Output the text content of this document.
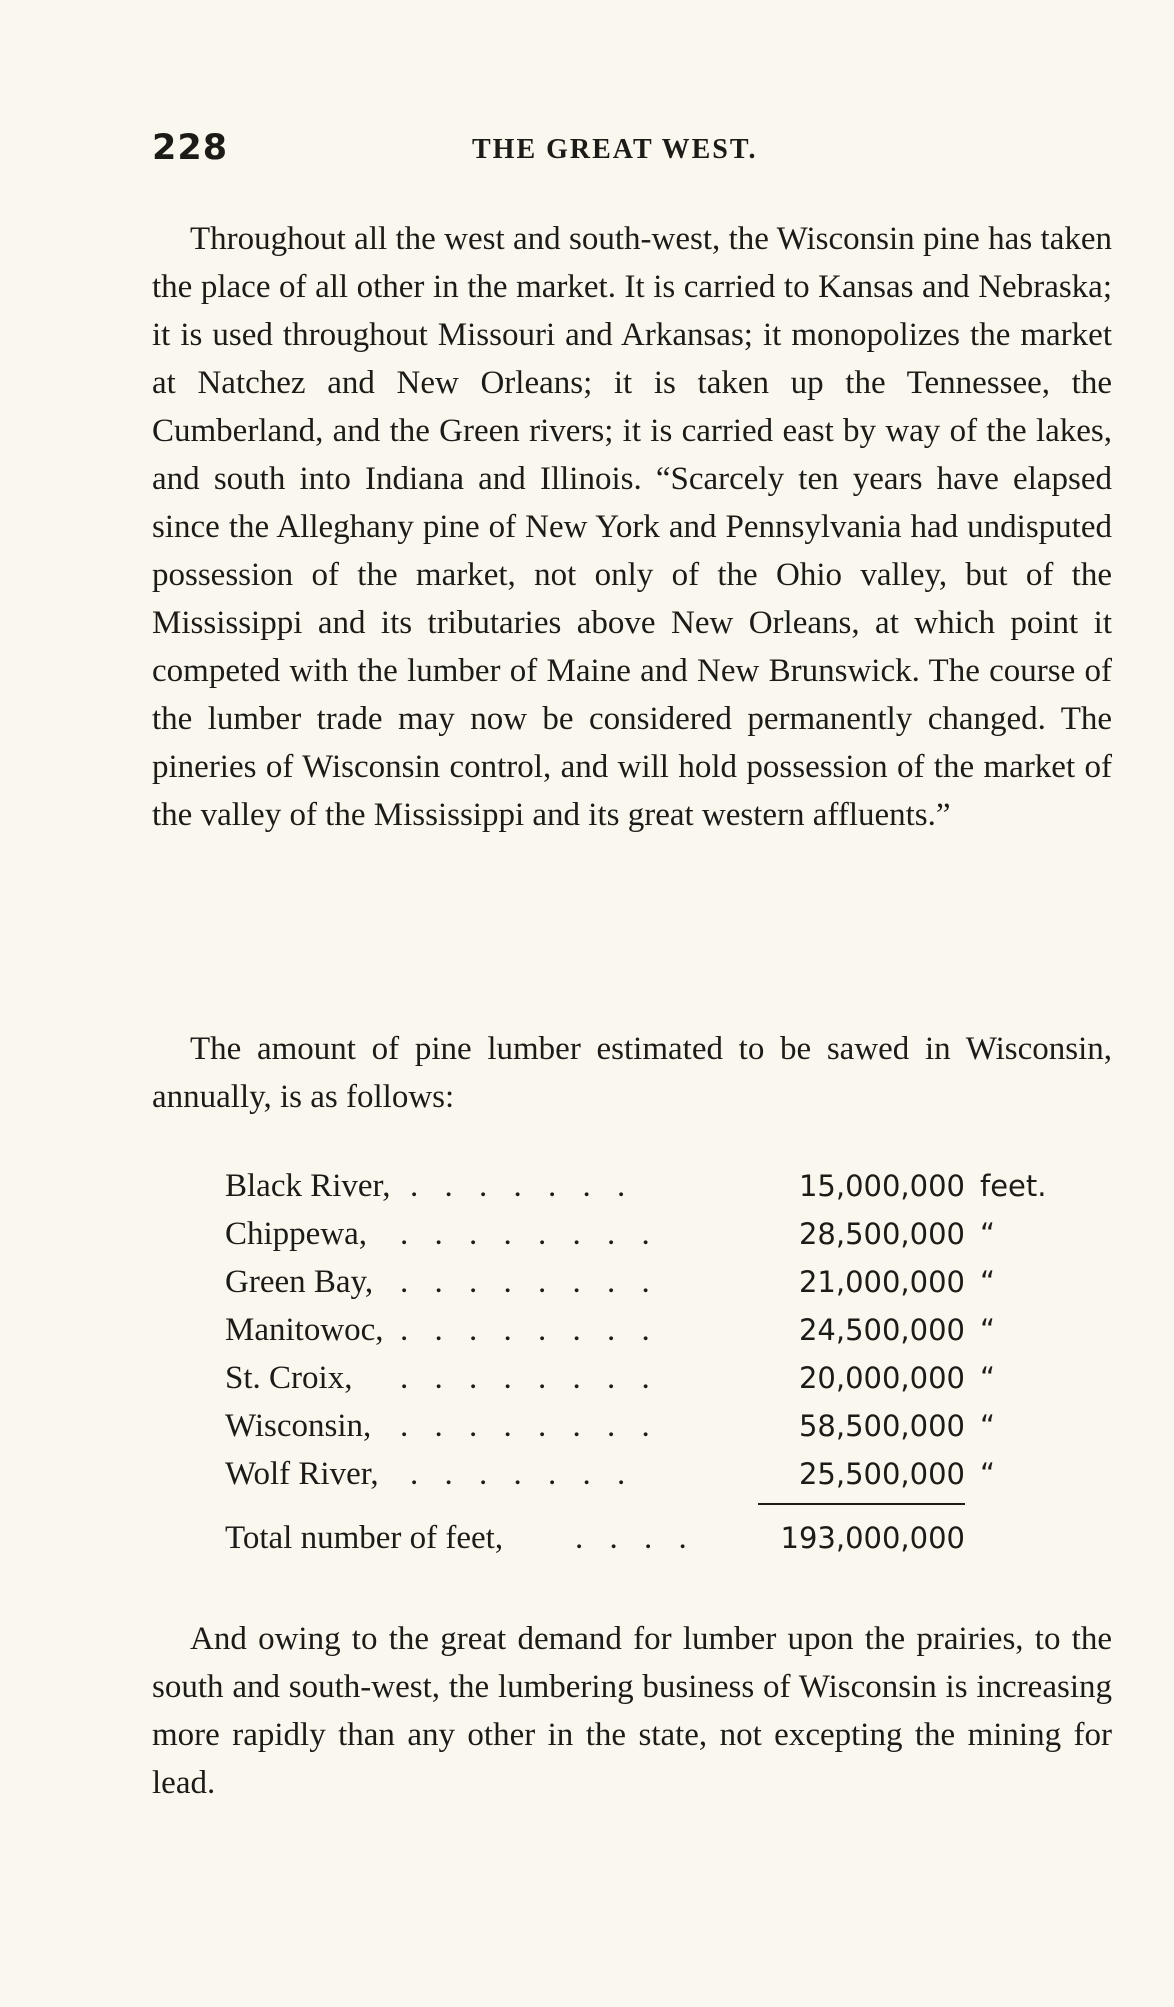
228	THE GREAT WEST.

Throughout all the west and south-west, the Wisconsin pine has taken the place of all other in the market. It is carried to Kansas and Nebraska; it is used throughout Missouri and Arkansas; it monopolizes the market at Natchez and New Orleans; it is taken up the Tennessee, the Cumberland, and the Green rivers; it is carried east by way of the lakes, and south into Indiana and Illinois. “Scarcely ten years have elapsed since the Alleghany pine of New York and Pennsylvania had undisputed possession of the market, not only of the Ohio valley, but of the Mississippi and its tributaries above New Orleans, at which point it competed with the lumber of Maine and New Brunswick. The course of the lumber trade may now be considered permanently changed. The pineries of Wisconsin control, and will hold possession of the market of the valley of the Mississippi and its great western affluents.”

The amount of pine lumber estimated to be sawed in Wisconsin, annually, is as follows:

Black River, . . . . . . .	15,000,000 feet.
Chippewa, . . . . . . . .	28,500,000 “
Green Bay, . . . . . . . .	21,000,000 “
Manitowoc, . . . . . . . .	24,500,000 “
St. Croix, . . . . . . . .	20,000,000 “
Wisconsin, . . . . . . . .	58,500,000 “
Wolf River, . . . . . . .	25,500,000 “
Total number of feet, . . . .	193,000,000

And owing to the great demand for lumber upon the prairies, to the south and south-west, the lumbering business of Wisconsin is increasing more rapidly than any other in the state, not excepting the mining for lead.
